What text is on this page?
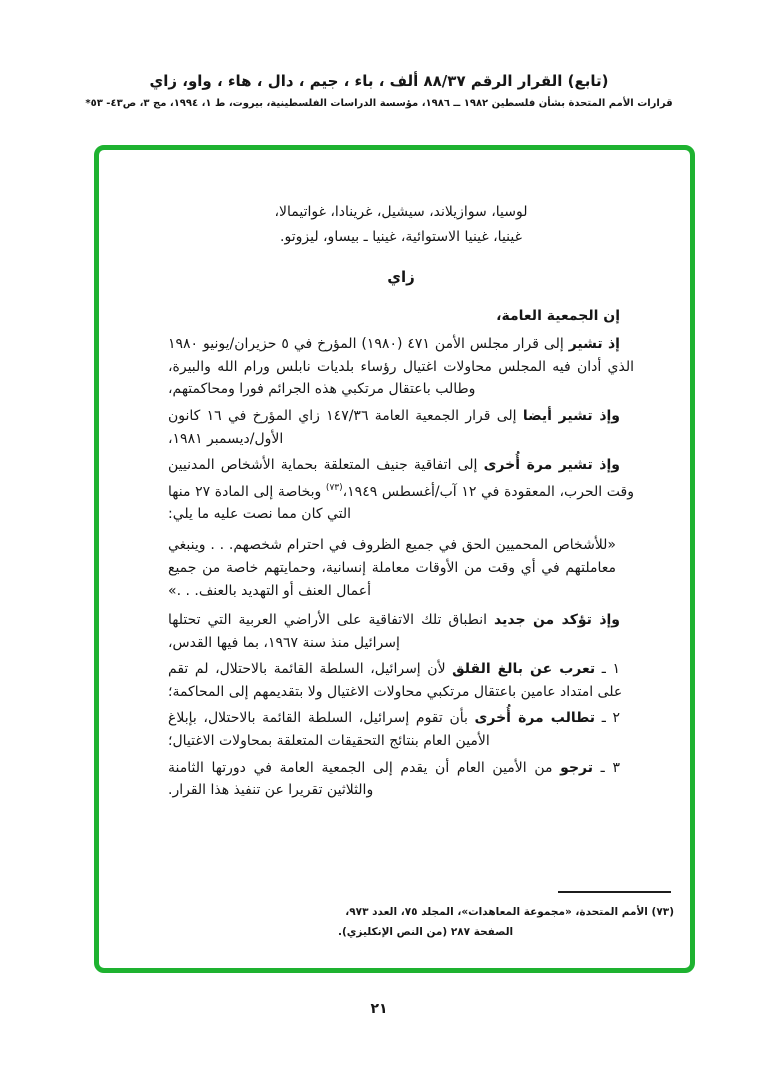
(تابع) القرار الرقم ٨٨/٣٧ ألف ، باء ، جيم ، دال ، هاء ، واو، زاي
قرارات الأمم المتحدة بشأن فلسطين ١٩٨٢ ــ ١٩٨٦، مؤسسة الدراسات الفلسطينية، بيروت، ط ١، ١٩٩٤، مج ٣، ص٤٣- ٥٣*

لوسيا، سوازيلاند، سيشيل، غرينادا، غواتيمالا،
غينيا، غينيا الاستوائية، غينيا ـ بيساو، ليزوتو.

زاي

إن الجمعية العامة،

إذ تشير إلى قرار مجلس الأمن ٤٧١ (١٩٨٠) المؤرخ في ٥ حزيران/يونيو ١٩٨٠ الذي أدان فيه المجلس محاولات اغتيال رؤساء بلديات نابلس ورام الله والبيرة، وطالب باعتقال مرتكبي هذه الجرائم فورا ومحاكمتهم،

وإذ تشير أيضا إلى قرار الجمعية العامة ١٤٧/٣٦ زاي المؤرخ في ١٦ كانون الأول/ديسمبر ١٩٨١،

وإذ تشير مرة أُخرى إلى اتفاقية جنيف المتعلقة بحماية الأشخاص المدنيين وقت الحرب، المعقودة في ١٢ آب/أغسطس ١٩٤٩،$^{(٧٣)}$ وبخاصة إلى المادة ٢٧ منها التي كان مما نصت عليه ما يلي:

«للأشخاص المحميين الحق في جميع الظروف في احترام شخصهم. . . وينبغي معاملتهم في أي وقت من الأوقات معاملة إنسانية، وحمايتهم خاصة من جميع أعمال العنف أو التهديد بالعنف. . .»

وإذ تؤكد من جديد انطباق تلك الاتفاقية على الأراضي العربية التي تحتلها إسرائيل منذ سنة ١٩٦٧، بما فيها القدس،

١ ـ تعرب عن بالغ القلق لأن إسرائيل، السلطة القائمة بالاحتلال، لم تقم على امتداد عامين باعتقال مرتكبي محاولات الاغتيال ولا بتقديمهم إلى المحاكمة؛

٢ ـ تطالب مرة أُخرى بأن تقوم إسرائيل، السلطة القائمة بالاحتلال، بإبلاغ الأمين العام بنتائج التحقيقات المتعلقة بمحاولات الاغتيال؛

٣ ـ ترجو من الأمين العام أن يقدم إلى الجمعية العامة في دورتها الثامنة والثلاثين تقريرا عن تنفيذ هذا القرار.

(٧٣) الأمم المتحدة، «مجموعة المعاهدات»، المجلد ٧٥، العدد ٩٧٣،
الصفحة ٢٨٧ (من النص الإنكليزي).
٢١
